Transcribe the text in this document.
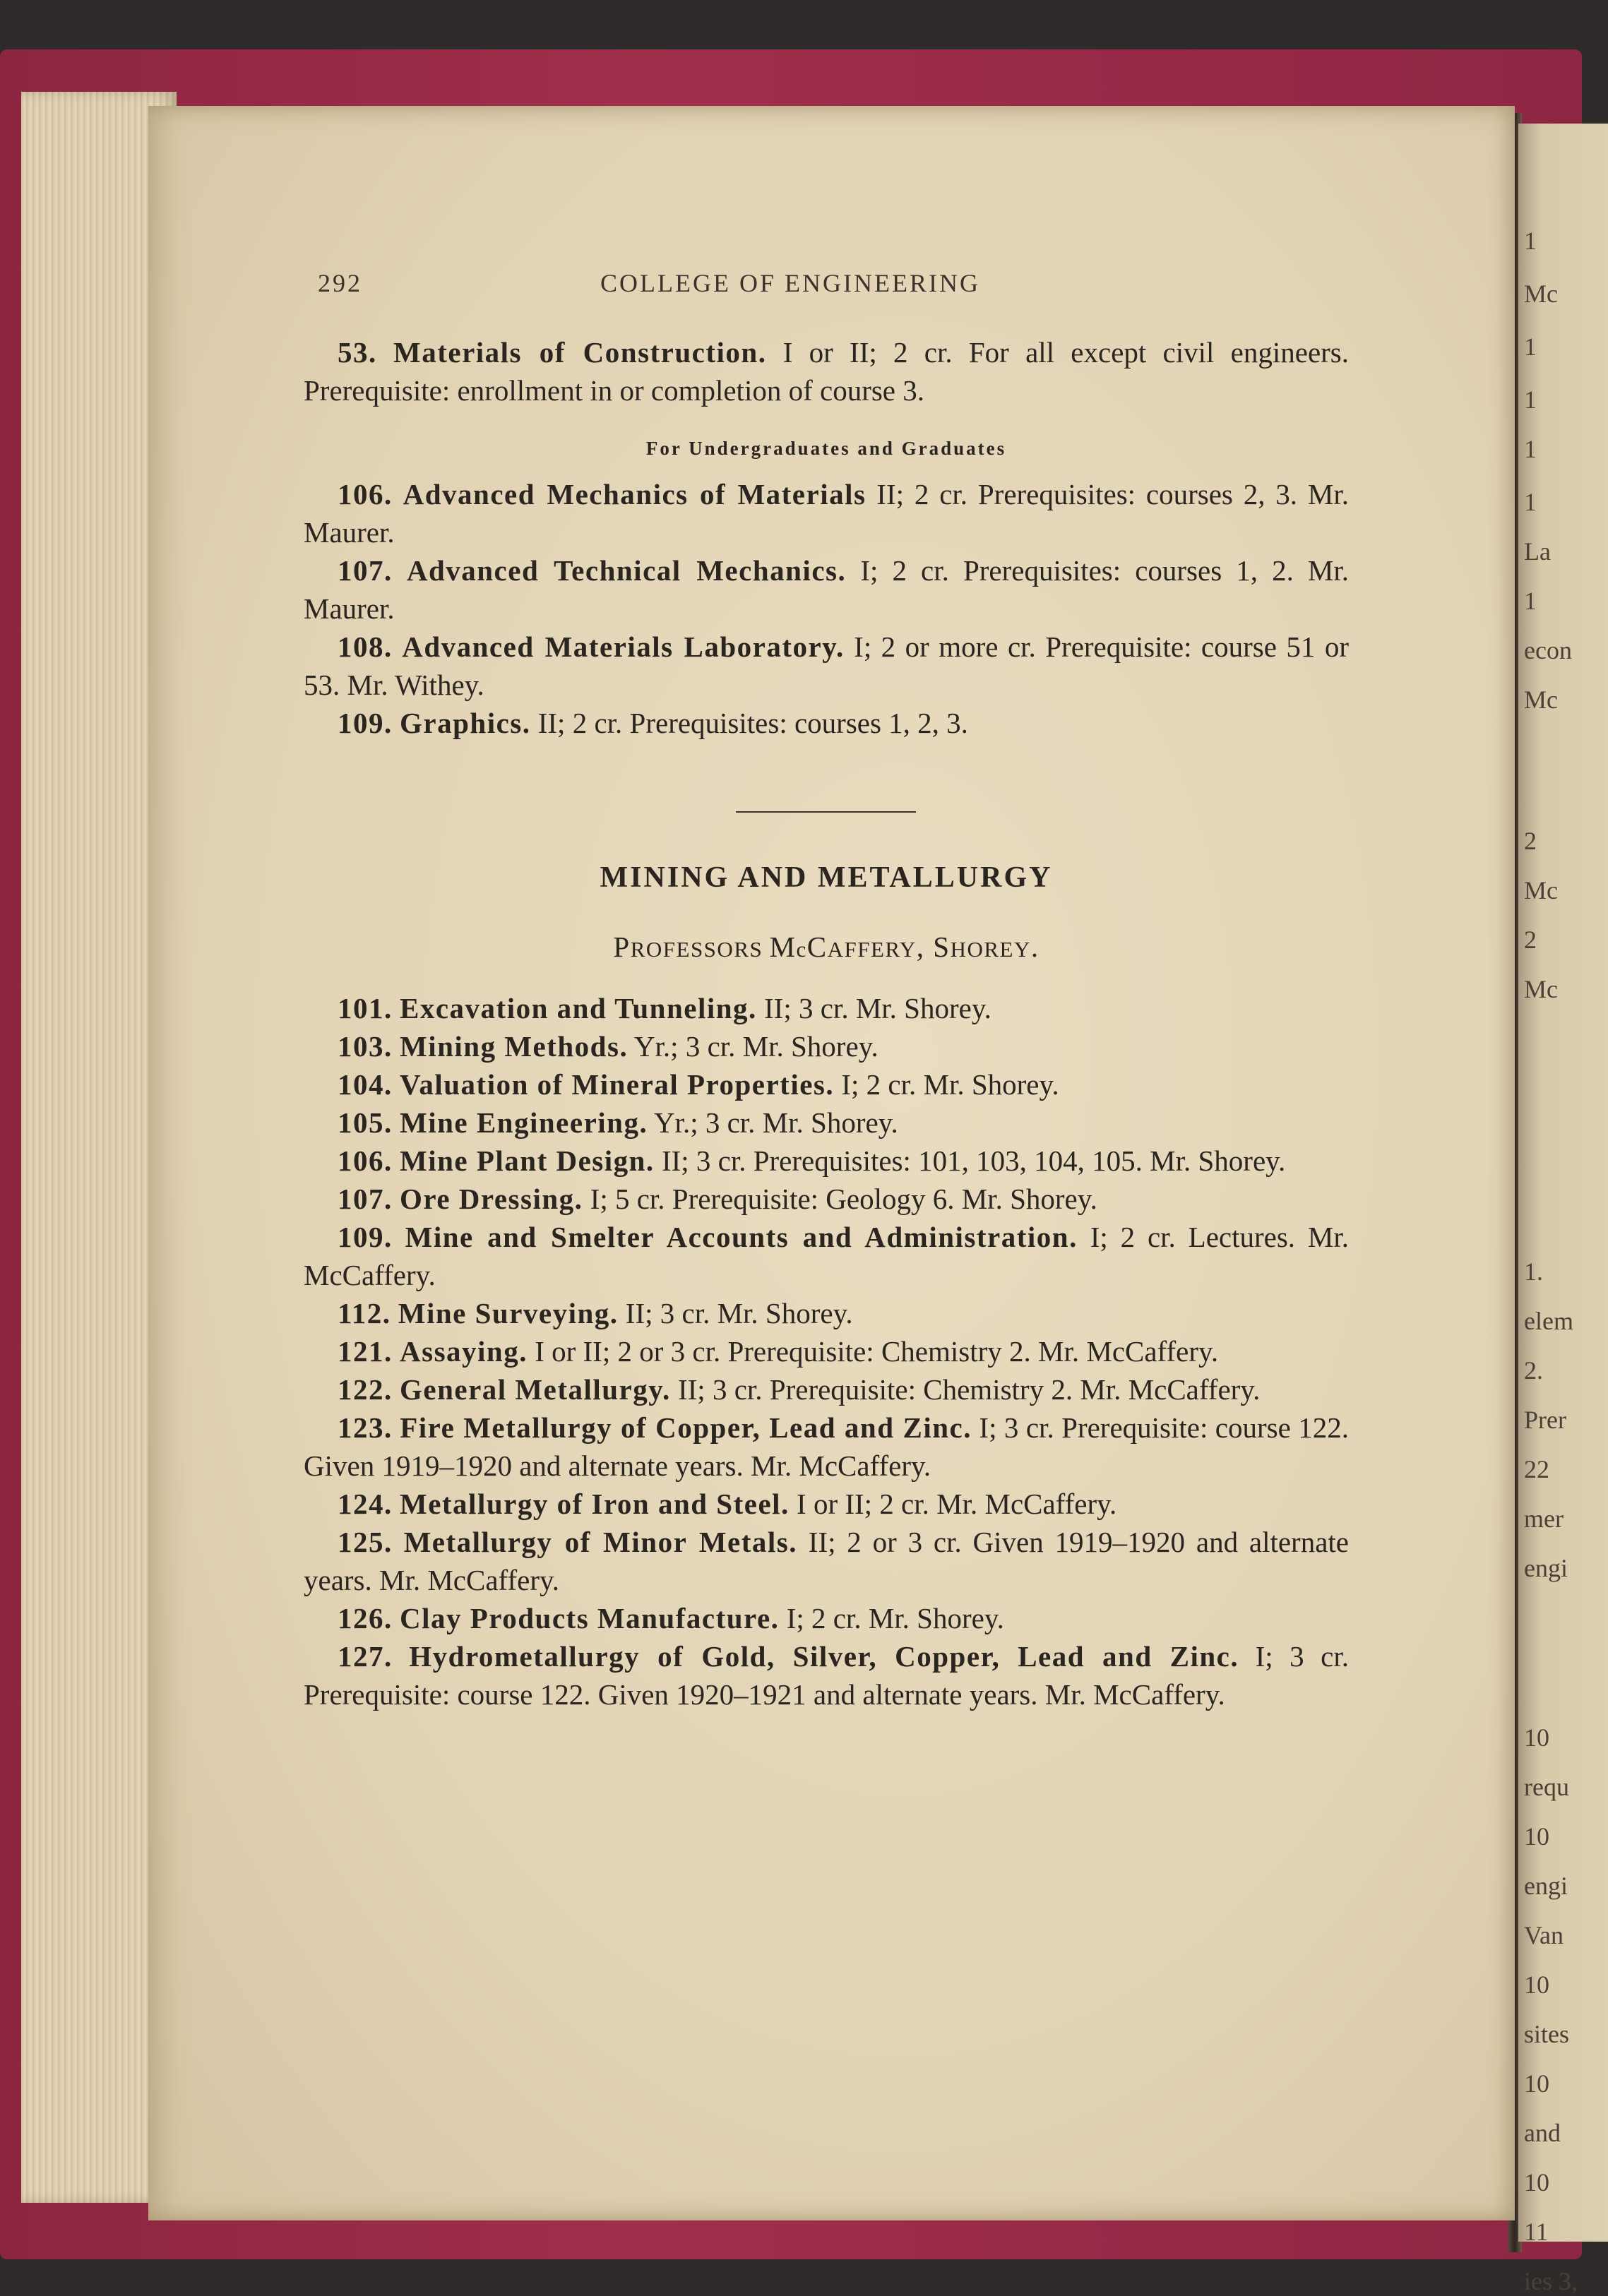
1
Mc
1
1
1
1
La
1
econ
Mc
2
Mc
2
Mc
1.
elem
2.
Prer
22
mer
engi
10
requ
10
engi
Van
10
sites
10
and
10
11
ies 3,
292	COLLEGE OF ENGINEERING

53. Materials of Construction. I or II; 2 cr. For all except civil engineers. Prerequisite: enrollment in or completion of course 3.

For Undergraduates and Graduates

106. Advanced Mechanics of Materials II; 2 cr. Prerequisites: courses 2, 3. Mr. Maurer.

107. Advanced Technical Mechanics. I; 2 cr. Prerequisites: courses 1, 2. Mr. Maurer.

108. Advanced Materials Laboratory. I; 2 or more cr. Prerequisite: course 51 or 53. Mr. Withey.

109. Graphics. II; 2 cr. Prerequisites: courses 1, 2, 3.

MINING AND METALLURGY
PROFESSORS McCAFFERY, SHOREY.

101. Excavation and Tunneling. II; 3 cr. Mr. Shorey.

103. Mining Methods. Yr.; 3 cr. Mr. Shorey.

104. Valuation of Mineral Properties. I; 2 cr. Mr. Shorey.

105. Mine Engineering. Yr.; 3 cr. Mr. Shorey.

106. Mine Plant Design. II; 3 cr. Prerequisites: 101, 103, 104, 105. Mr. Shorey.

107. Ore Dressing. I; 5 cr. Prerequisite: Geology 6. Mr. Shorey.

109. Mine and Smelter Accounts and Administration. I; 2 cr. Lectures. Mr. McCaffery.

112. Mine Surveying. II; 3 cr. Mr. Shorey.

121. Assaying. I or II; 2 or 3 cr. Prerequisite: Chemistry 2. Mr. McCaffery.

122. General Metallurgy. II; 3 cr. Prerequisite: Chemistry 2. Mr. McCaffery.

123. Fire Metallurgy of Copper, Lead and Zinc. I; 3 cr. Prerequisite: course 122. Given 1919–1920 and alternate years. Mr. McCaffery.

124. Metallurgy of Iron and Steel. I or II; 2 cr. Mr. McCaffery.

125. Metallurgy of Minor Metals. II; 2 or 3 cr. Given 1919–1920 and alternate years. Mr. McCaffery.

126. Clay Products Manufacture. I; 2 cr. Mr. Shorey.

127. Hydrometallurgy of Gold, Silver, Copper, Lead and Zinc. I; 3 cr. Prerequisite: course 122. Given 1920–1921 and alternate years. Mr. McCaffery.
